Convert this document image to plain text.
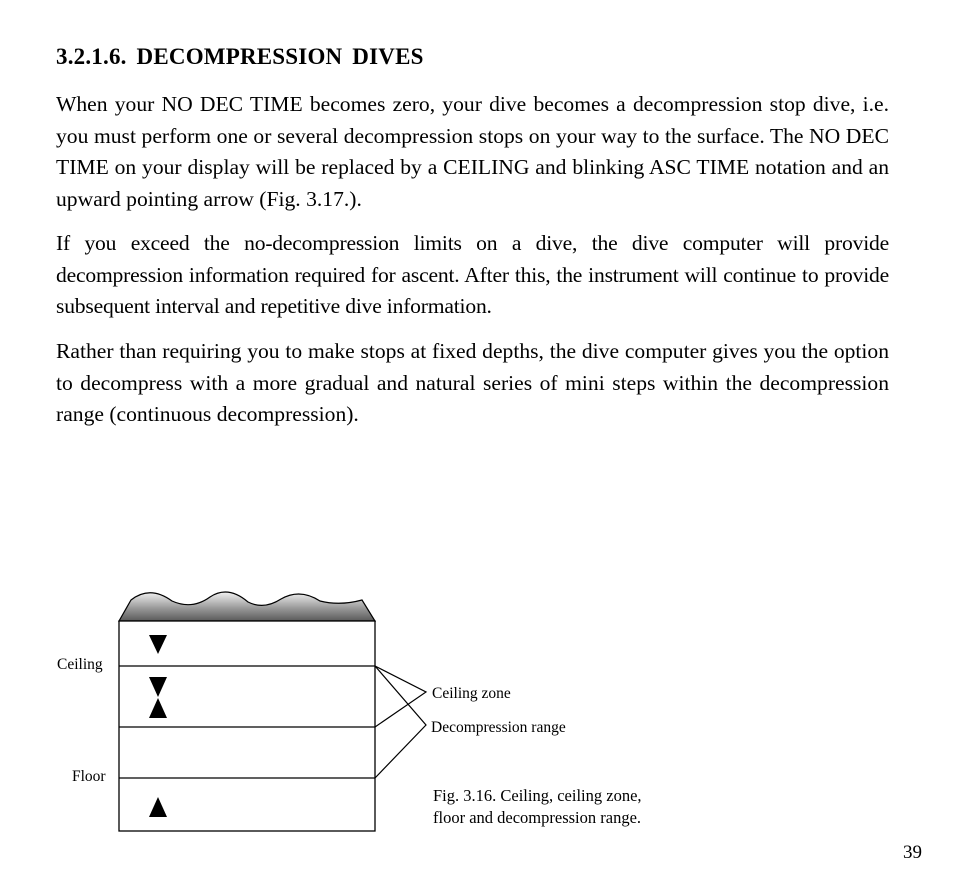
3.2.1.6. DECOMPRESSION DIVES

When your NO DEC TIME becomes zero, your dive becomes a decompression stop dive, i.e. you must perform one or several decompression stops on your way to the surface. The NO DEC TIME on your display will be replaced by a CEILING and blinking ASC TIME notation and an upward pointing arrow (Fig. 3.17.).

If you exceed the no-decompression limits on a dive, the dive computer will provide decompression information required for ascent. After this, the instrument will continue to provide subsequent interval and repetitive dive information.

Rather than requiring you to make stops at fixed depths, the dive computer gives you the option to decompress with a more gradual and natural series of mini steps within the decompression range (continuous decompression).

Ceiling

Floor

Ceiling zone

Decompression range

Fig. 3.16. Ceiling, ceiling zone,
floor and decompression range.

39
